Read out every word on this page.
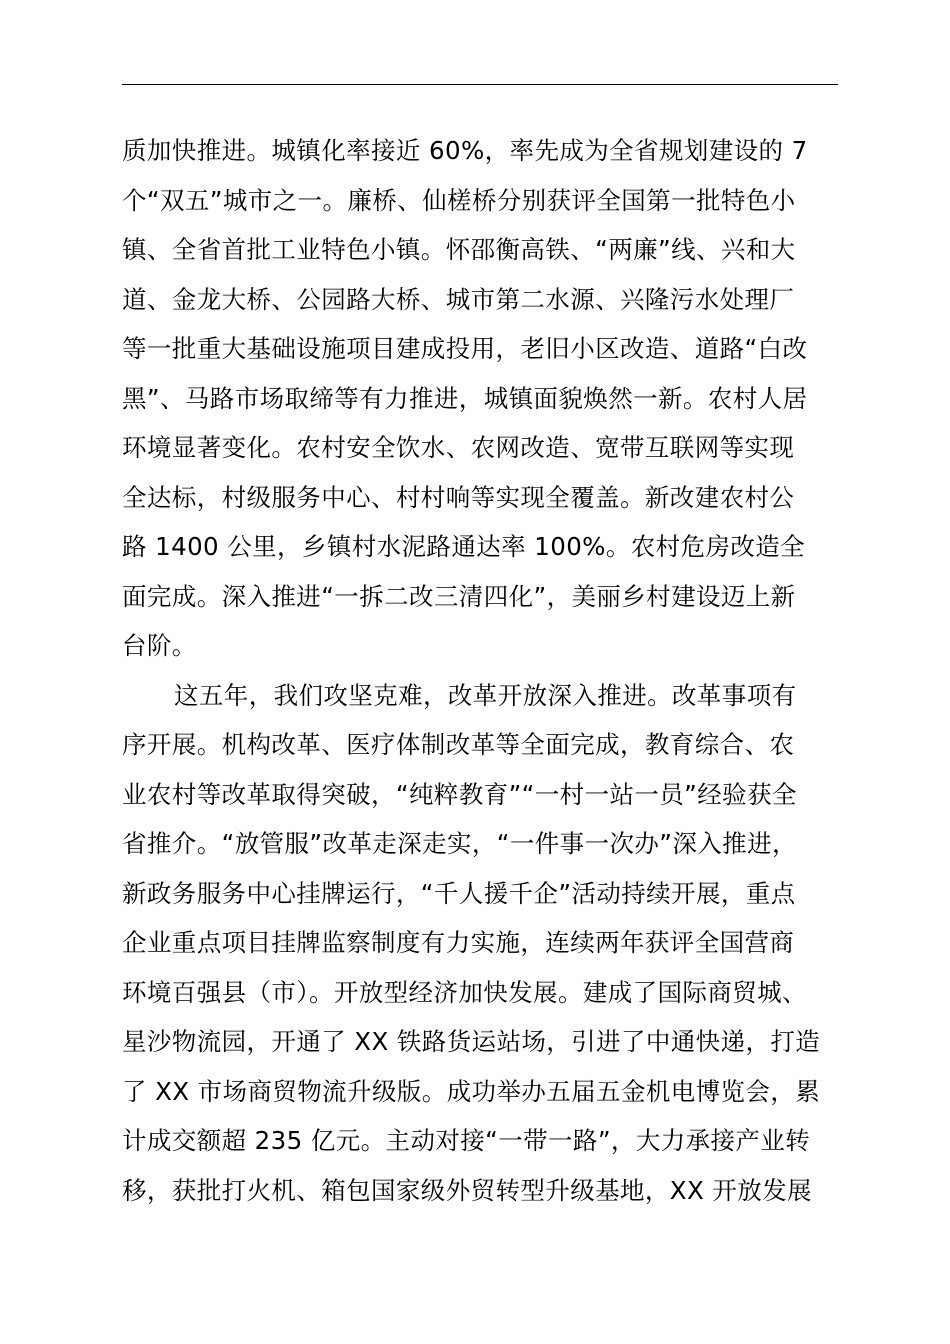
质加快推进。城镇化率接近 60%，率先成为全省规划建设的 7
个“双五”城市之一。廉桥、仙槎桥分别获评全国第一批特色小
镇、全省首批工业特色小镇。怀邵衡高铁、“两廉”线、兴和大
道、金龙大桥、公园路大桥、城市第二水源、兴隆污水处理厂
等一批重大基础设施项目建成投用，老旧小区改造、道路“白改
黑”、马路市场取缔等有力推进，城镇面貌焕然一新。农村人居
环境显著变化。农村安全饮水、农网改造、宽带互联网等实现
全达标，村级服务中心、村村响等实现全覆盖。新改建农村公
路 1400 公里，乡镇村水泥路通达率 100%。农村危房改造全
面完成。深入推进“一拆二改三清四化”，美丽乡村建设迈上新
台阶。
这五年，我们攻坚克难，改革开放深入推进。改革事项有
序开展。机构改革、医疗体制改革等全面完成，教育综合、农
业农村等改革取得突破，“纯粹教育”“一村一站一员”经验获全
省推介。“放管服”改革走深走实，“一件事一次办”深入推进，
新政务服务中心挂牌运行，“千人援千企”活动持续开展，重点
企业重点项目挂牌监察制度有力实施，连续两年获评全国营商
环境百强县（市）。开放型经济加快发展。建成了国际商贸城、
星沙物流园，开通了 XX 铁路货运站场，引进了中通快递，打造
了 XX 市场商贸物流升级版。成功举办五届五金机电博览会，累
计成交额超 235 亿元。主动对接“一带一路”，大力承接产业转
移，获批打火机、箱包国家级外贸转型升级基地，XX 开放发展
